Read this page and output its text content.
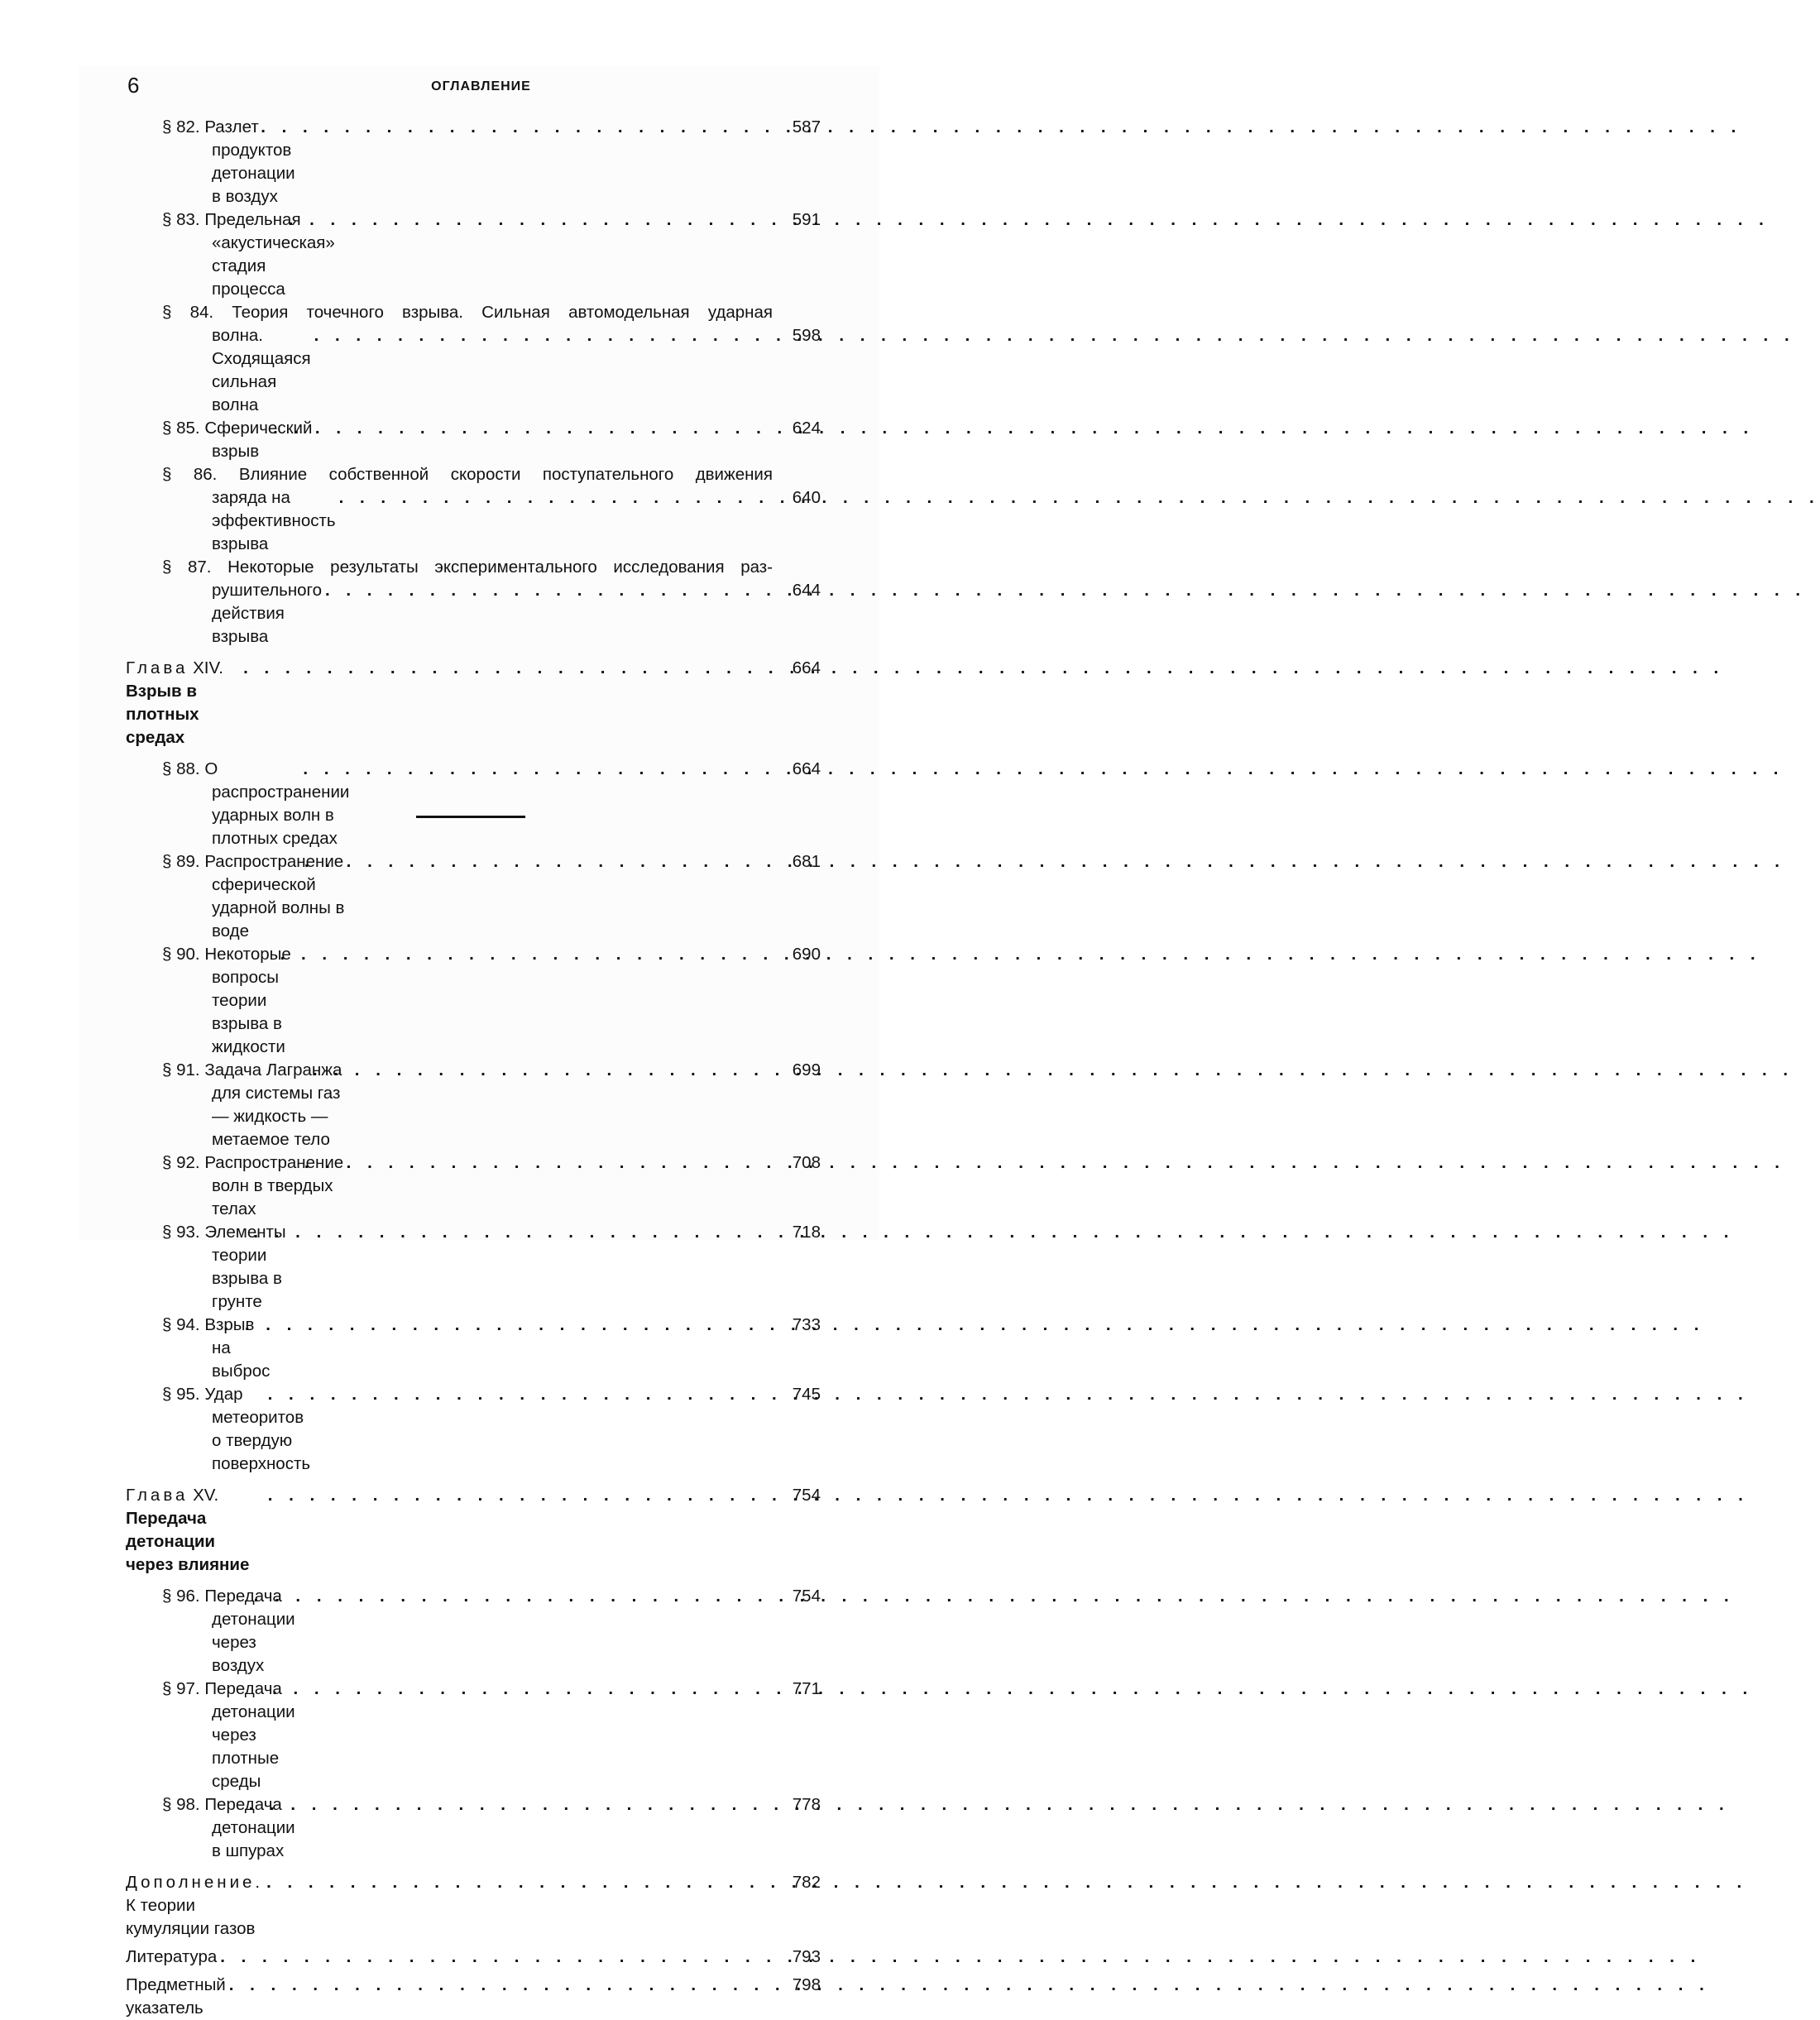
6	ОГЛАВЛЕНИЕ
§ 82. Разлет продуктов детонации в воздух
. . .
587
§ 83. Предельная «акустическая» стадия процесса
. . .
591
§ 84. Теория точечного взрыва. Сильная автомодельная ударная
волна. Сходящаяся сильная волна
. . .
598
§ 85. Сферический взрыв
. . .
624
§ 86. Влияние собственной скорости поступательного движения
заряда на эффективность взрыва
. . .
640
§ 87. Некоторые результаты экспериментального исследования раз-
рушительного действия взрыва
. . .
644
Глава XIV. Взрыв в плотных средах
. . .
664
§ 88. О распространении ударных волн в плотных средах
. . .
664
§ 89. Распространение сферической ударной волны в воде
. . .
681
§ 90. Некоторые вопросы теории взрыва в жидкости
. . .
690
§ 91. Задача Лагранжа для системы газ — жидкость — метаемое тело
. . .
699
§ 92. Распространение волн в твердых телах
. . .
708
§ 93. Элементы теории взрыва в грунте
. . .
718
§ 94. Взрыв на выброс
. . .
733
§ 95. Удар метеоритов о твердую поверхность
. . .
745
Глава XV. Передача детонации через влияние
. . .
754
§ 96. Передача детонации через воздух
. . .
754
§ 97. Передача детонации через плотные среды
. . .
771
§ 98. Передача детонации в шпурах
. . .
778
Дополнение. К теории кумуляции газов
. . .
782
Литература . . .	793
Предметный указатель
. . .
798
